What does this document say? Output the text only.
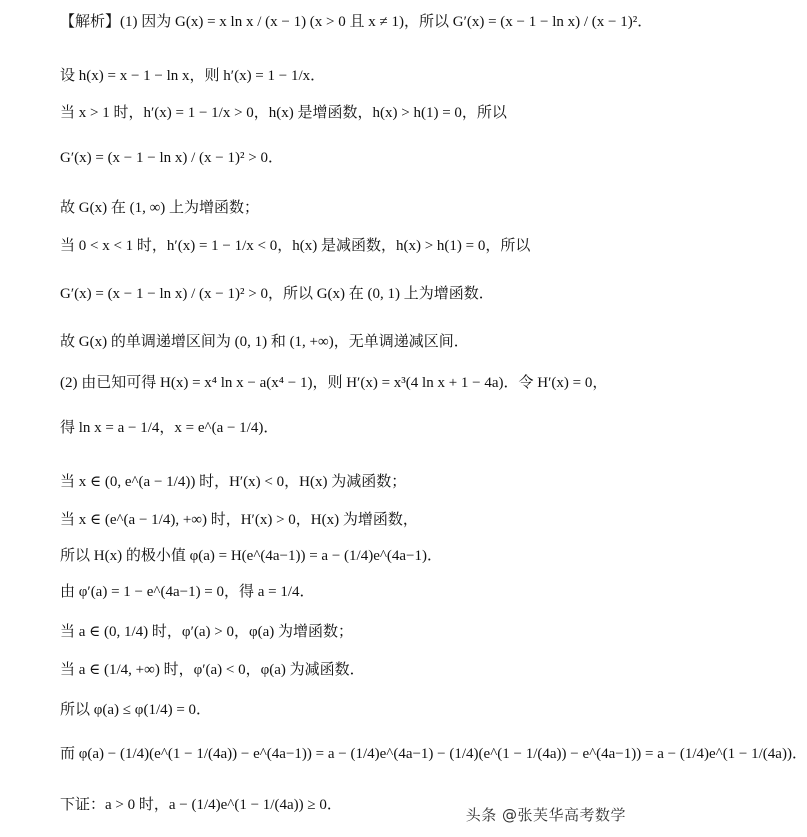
【解析】(1) 因为 G(x) = x ln x / (x − 1) (x > 0 且 x ≠ 1)，所以 G′(x) = (x − 1 − ln x) / (x − 1)²．
设 h(x) = x − 1 − ln x，则 h′(x) = 1 − 1/x．
当 x > 1 时，h′(x) = 1 − 1/x > 0，h(x) 是增函数，h(x) > h(1) = 0，所以
G′(x) = (x − 1 − ln x) / (x − 1)² > 0．
故 G(x) 在 (1, ∞) 上为增函数；
当 0 < x < 1 时，h′(x) = 1 − 1/x < 0，h(x) 是减函数，h(x) > h(1) = 0，所以
G′(x) = (x − 1 − ln x) / (x − 1)² > 0，所以 G(x) 在 (0, 1) 上为增函数．
故 G(x) 的单调递增区间为 (0, 1) 和 (1, +∞)，无单调递减区间．
(2) 由已知可得 H(x) = x⁴ ln x − a(x⁴ − 1)，则 H′(x) = x³(4 ln x + 1 − 4a)．令 H′(x) = 0，
得 ln x = a − 1/4，x = e^(a − 1/4)．
当 x ∈ (0, e^(a − 1/4)) 时，H′(x) < 0，H(x) 为减函数；
当 x ∈ (e^(a − 1/4), +∞) 时，H′(x) > 0，H(x) 为增函数，
所以 H(x) 的极小值 φ(a) = H(e^(4a−1)) = a − (1/4)e^(4a−1)．
由 φ′(a) = 1 − e^(4a−1) = 0，得 a = 1/4．
当 a ∈ (0, 1/4) 时，φ′(a) > 0，φ(a) 为增函数；
当 a ∈ (1/4, +∞) 时，φ′(a) < 0，φ(a) 为减函数．
所以 φ(a) ≤ φ(1/4) = 0．
而 φ(a) − (1/4)(e^(1 − 1/(4a)) − e^(4a−1)) = a − (1/4)e^(4a−1) − (1/4)(e^(1 − 1/(4a)) − e^(4a−1)) = a − (1/4)e^(1 − 1/(4a))．
下证：a > 0 时，a − (1/4)e^(1 − 1/(4a)) ≥ 0．
头条 @张芙华高考数学
